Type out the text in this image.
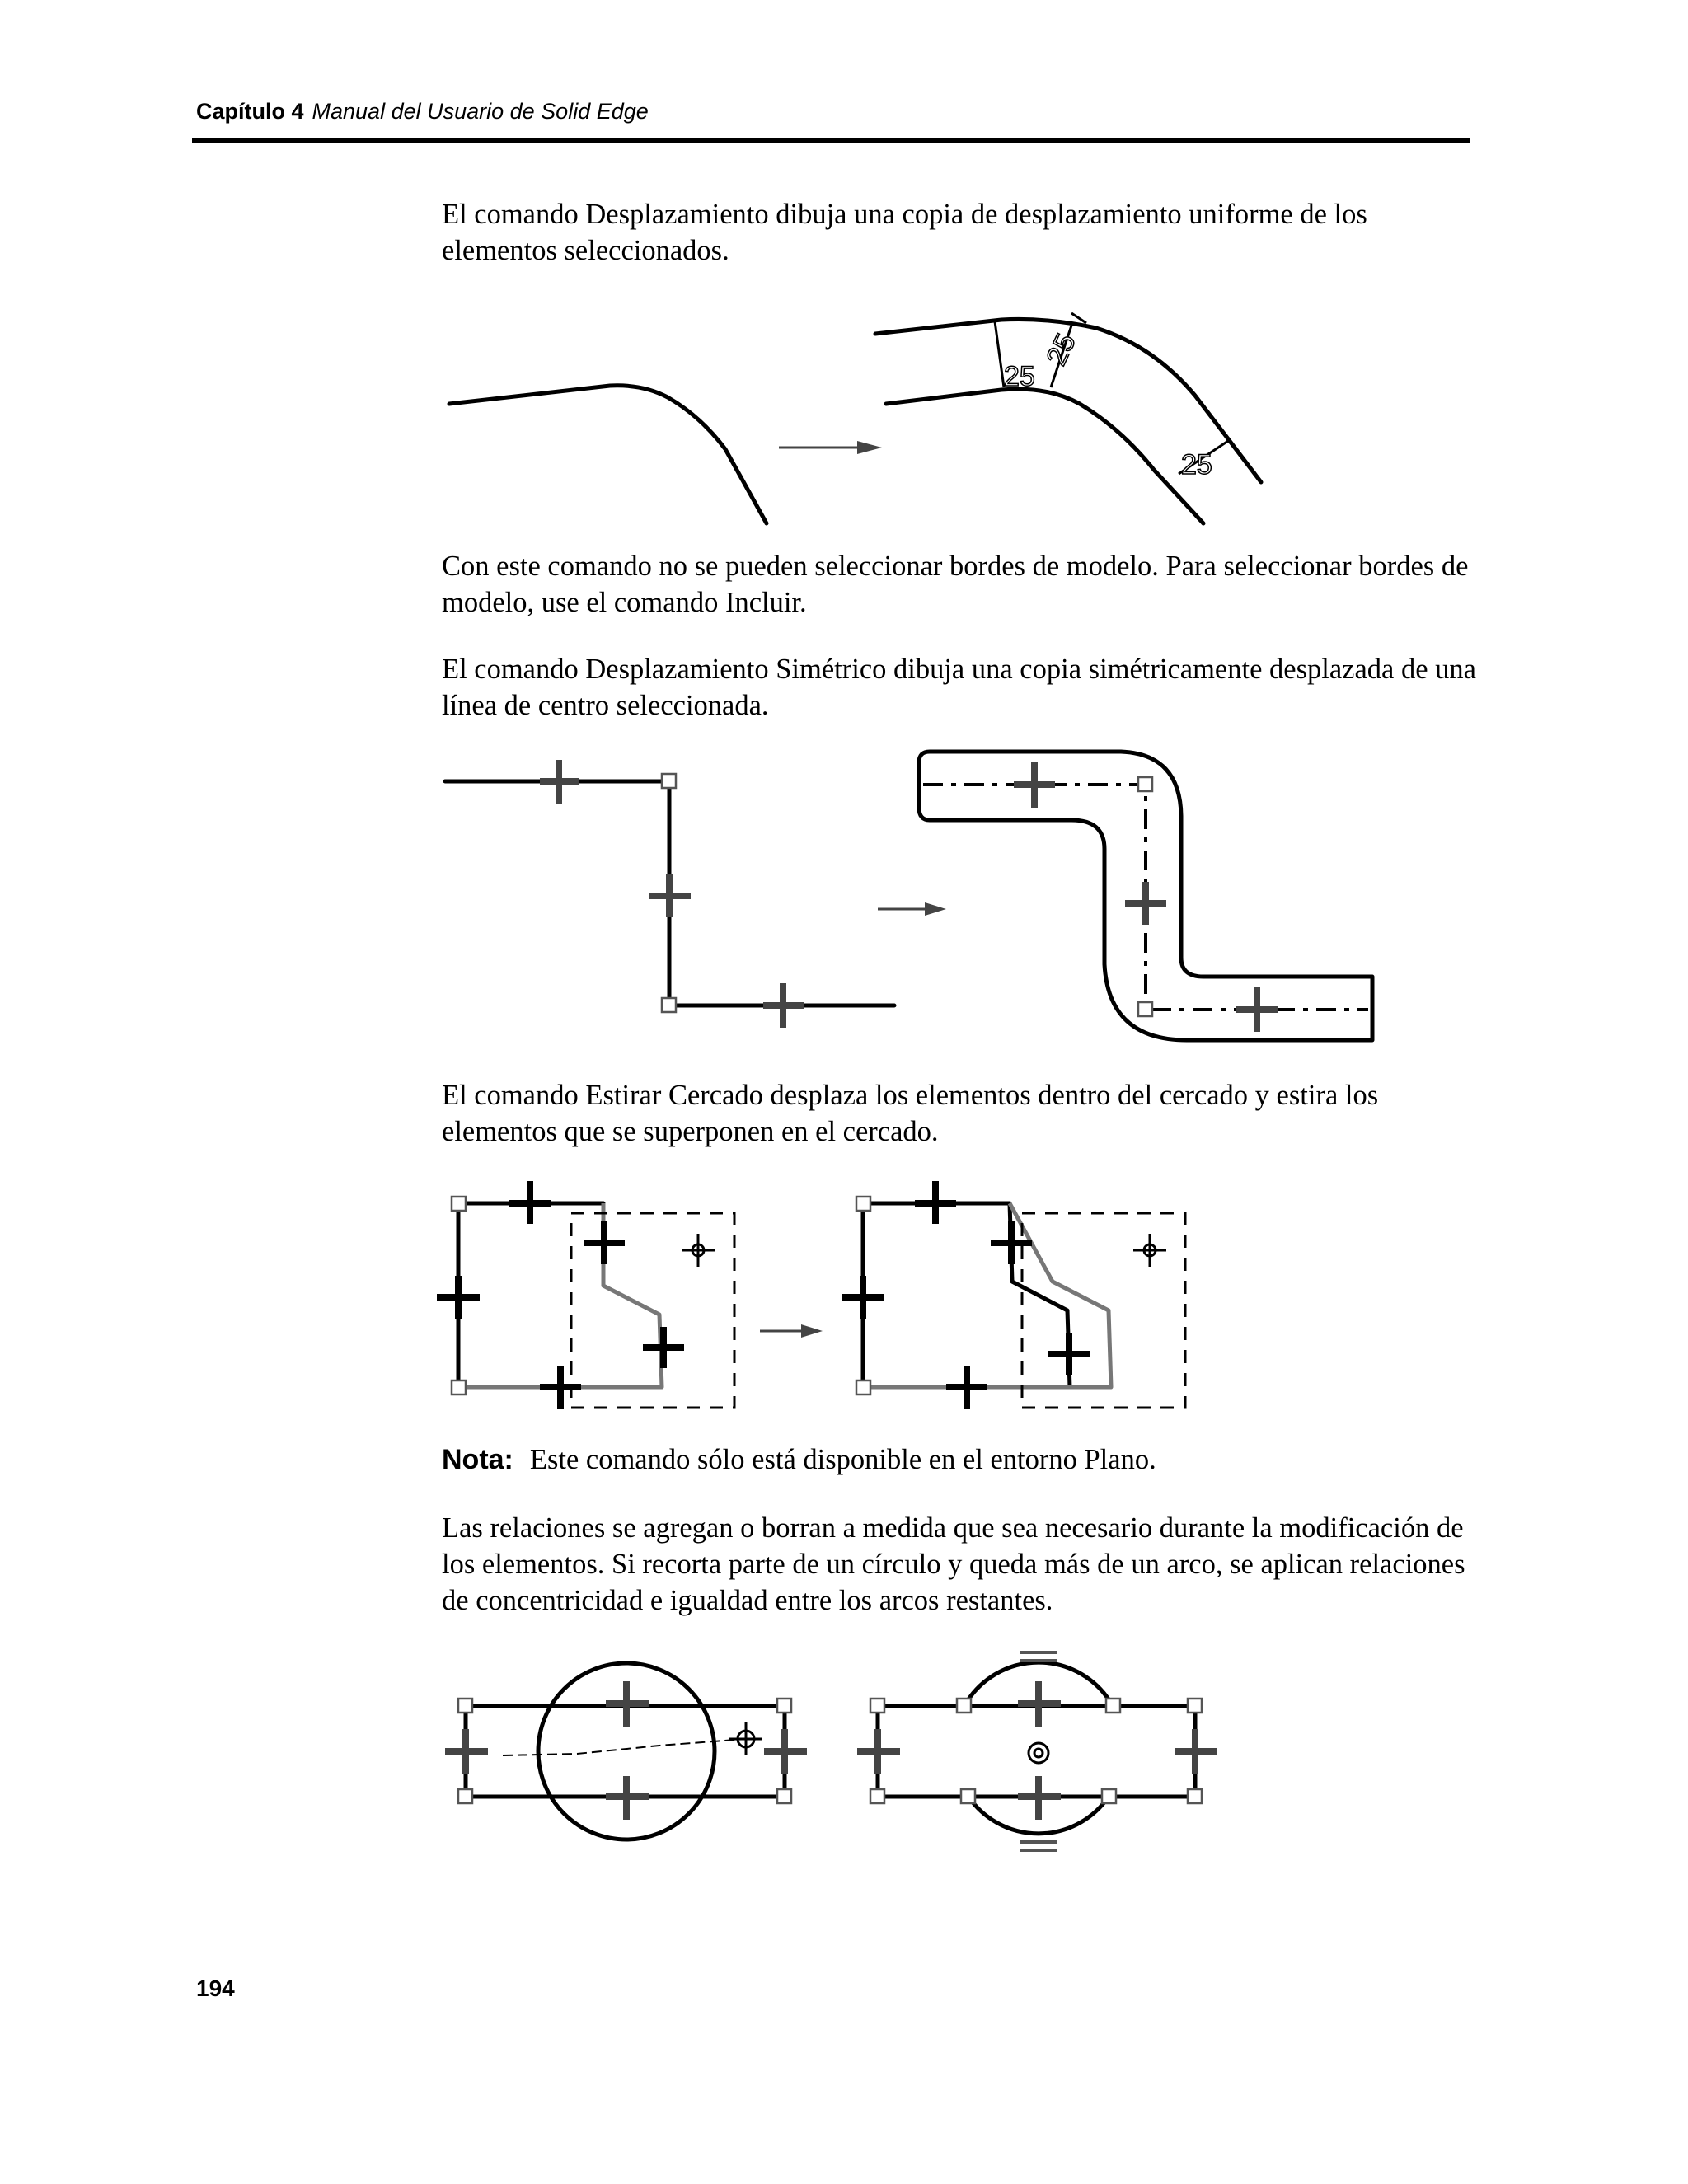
Capítulo 4 Manual del Usuario de Solid Edge
El comando Desplazamiento dibuja una copia de desplazamiento uniforme de los elementos seleccionados.
25
25
25
Con este comando no se pueden seleccionar bordes de modelo. Para seleccionar bordes de modelo, use el comando Incluir.
El comando Desplazamiento Simétrico dibuja una copia simétricamente desplazada de una línea de centro seleccionada.
El comando Estirar Cercado desplaza los elementos dentro del cercado y estira los elementos que se superponen en el cercado.
Nota: Este comando sólo está disponible en el entorno Plano.
Las relaciones se agregan o borran a medida que sea necesario durante la modificación de los elementos. Si recorta parte de un círculo y queda más de un arco, se aplican relaciones de concentricidad e igualdad entre los arcos restantes.
194
